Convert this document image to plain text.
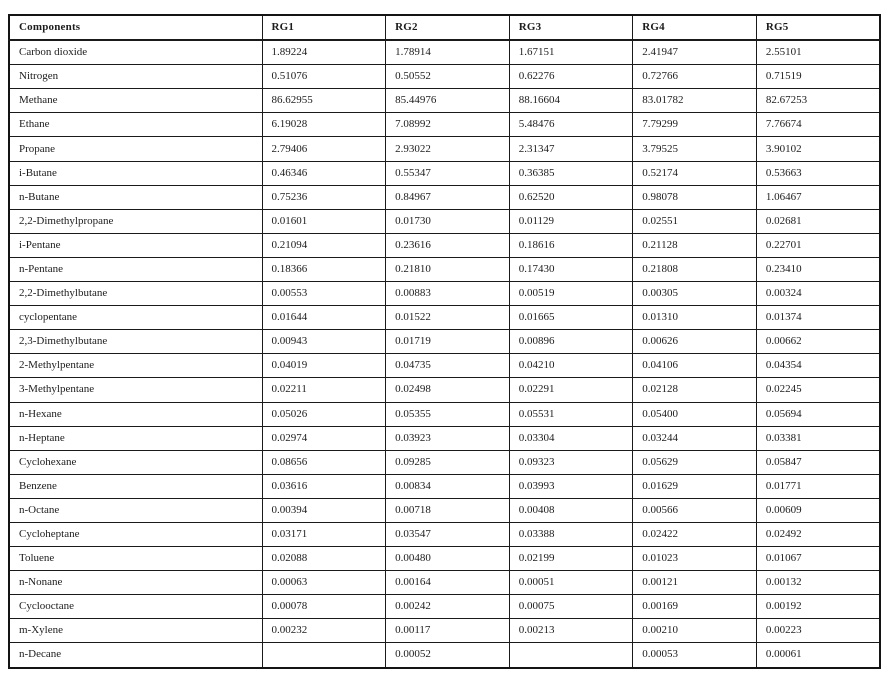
Components	RG1	RG2	RG3	RG4	RG5
Carbon dioxide	1.89224	1.78914	1.67151	2.41947	2.55101
Nitrogen	0.51076	0.50552	0.62276	0.72766	0.71519
Methane	86.62955	85.44976	88.16604	83.01782	82.67253
Ethane	6.19028	7.08992	5.48476	7.79299	7.76674
Propane	2.79406	2.93022	2.31347	3.79525	3.90102
i-Butane	0.46346	0.55347	0.36385	0.52174	0.53663
n-Butane	0.75236	0.84967	0.62520	0.98078	1.06467
2,2-Dimethylpropane	0.01601	0.01730	0.01129	0.02551	0.02681
i-Pentane	0.21094	0.23616	0.18616	0.21128	0.22701
n-Pentane	0.18366	0.21810	0.17430	0.21808	0.23410
2,2-Dimethylbutane	0.00553	0.00883	0.00519	0.00305	0.00324
cyclopentane	0.01644	0.01522	0.01665	0.01310	0.01374
2,3-Dimethylbutane	0.00943	0.01719	0.00896	0.00626	0.00662
2-Methylpentane	0.04019	0.04735	0.04210	0.04106	0.04354
3-Methylpentane	0.02211	0.02498	0.02291	0.02128	0.02245
n-Hexane	0.05026	0.05355	0.05531	0.05400	0.05694
n-Heptane	0.02974	0.03923	0.03304	0.03244	0.03381
Cyclohexane	0.08656	0.09285	0.09323	0.05629	0.05847
Benzene	0.03616	0.00834	0.03993	0.01629	0.01771
n-Octane	0.00394	0.00718	0.00408	0.00566	0.00609
Cycloheptane	0.03171	0.03547	0.03388	0.02422	0.02492
Toluene	0.02088	0.00480	0.02199	0.01023	0.01067
n-Nonane	0.00063	0.00164	0.00051	0.00121	0.00132
Cyclooctane	0.00078	0.00242	0.00075	0.00169	0.00192
m-Xylene	0.00232	0.00117	0.00213	0.00210	0.00223
n-Decane		0.00052		0.00053	0.00061
